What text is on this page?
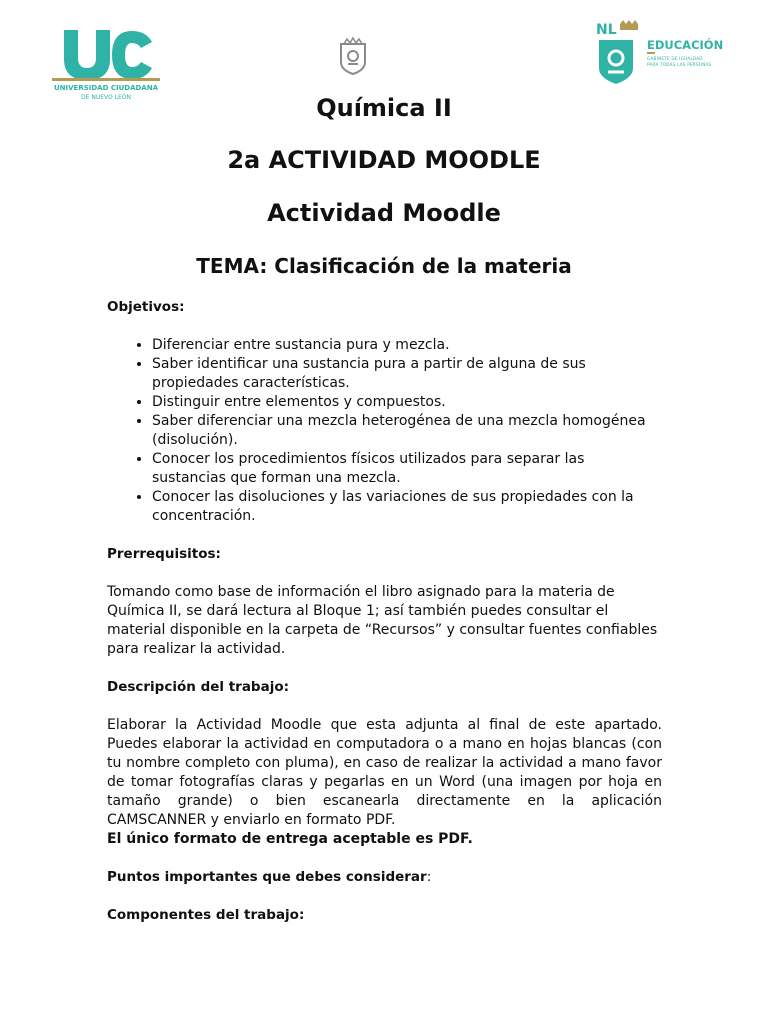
UNIVERSIDAD CIUDADANA
DE NUEVO LEÓN
NL
EDUCACIÓN
GABINETE DE IGUALDAD
PARA TODAS LAS PERSONAS
Química II
2a ACTIVIDAD MOODLE
Actividad Moodle
TEMA: Clasificación de la materia

Objetivos:

• Diferenciar entre sustancia pura y mezcla.
• Saber identificar una sustancia pura a partir de alguna de sus propiedades características.
• Distinguir entre elementos y compuestos.
• Saber diferenciar una mezcla heterogénea de una mezcla homogénea (disolución).
• Conocer los procedimientos físicos utilizados para separar las sustancias que forman una mezcla.
• Conocer las disoluciones y las variaciones de sus propiedades con la concentración.

Prerrequisitos:

Tomando como base de información el libro asignado para la materia de Química II, se dará lectura al Bloque 1; así también puedes consultar el material disponible en la carpeta de “Recursos” y consultar fuentes confiables para realizar la actividad.

Descripción del trabajo:

Elaborar la Actividad Moodle que esta adjunta al final de este apartado. Puedes elaborar la actividad en computadora o a mano en hojas blancas (con tu nombre completo con pluma), en caso de realizar la actividad a mano favor de tomar fotografías claras y pegarlas en un Word (una imagen por hoja en tamaño grande) o bien escanearla directamente en la aplicación CAMSCANNER y enviarlo en formato PDF.

El único formato de entrega aceptable es PDF.

Puntos importantes que debes considerar:

Componentes del trabajo:
